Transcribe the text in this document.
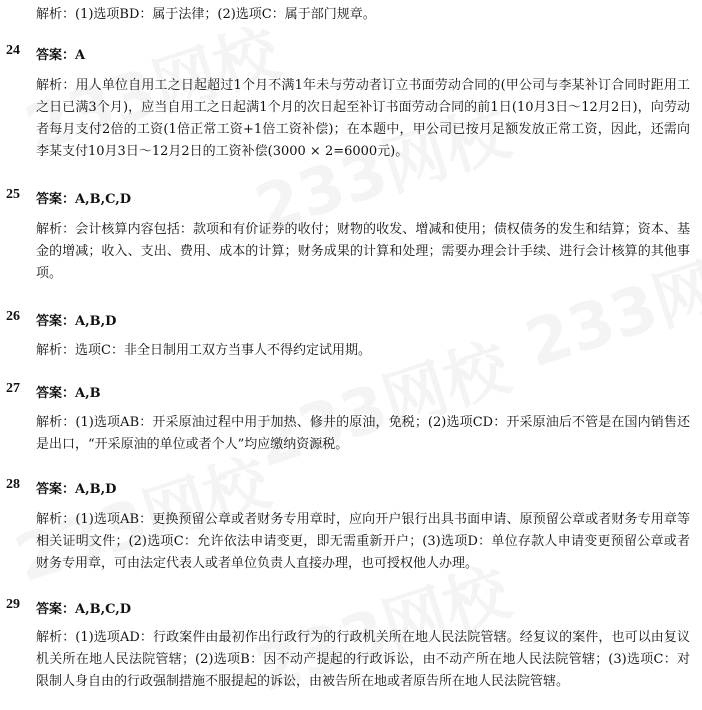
解析：(1)选项BD：属于法律；(2)选项C：属于部门规章。
24 答案：A
解析：用人单位自用工之日起超过1个月不满1年未与劳动者订立书面劳动合同的(甲公司与李某补订合同时距用工之日已满3个月)，应当自用工之日起满1个月的次日起至补订书面劳动合同的前1日(10月3日～12月2日)，向劳动者每月支付2倍的工资(1倍正常工资+1倍工资补偿)；在本题中，甲公司已按月足额发放正常工资，因此，还需向李某支付10月3日～12月2日的工资补偿(3000 × 2=6000元)。
25 答案：A,B,C,D
解析：会计核算内容包括：款项和有价证券的收付；财物的收发、增减和使用；债权债务的发生和结算；资本、基金的增减；收入、支出、费用、成本的计算；财务成果的计算和处理；需要办理会计手续、进行会计核算的其他事项。
26 答案：A,B,D
解析：选项C：非全日制用工双方当事人不得约定试用期。
27 答案：A,B
解析：(1)选项AB：开采原油过程中用于加热、修井的原油，免税；(2)选项CD：开采原油后不管是在国内销售还是出口，“开采原油的单位或者个人”均应缴纳资源税。
28 答案：A,B,D
解析：(1)选项AB：更换预留公章或者财务专用章时，应向开户银行出具书面申请、原预留公章或者财务专用章等相关证明文件；(2)选项C：允许依法申请变更，即无需重新开户；(3)选项D：单位存款人申请变更预留公章或者财务专用章，可由法定代表人或者单位负责人直接办理，也可授权他人办理。
29 答案：A,B,C,D
解析：(1)选项AD：行政案件由最初作出行政行为的行政机关所在地人民法院管辖。经复议的案件，也可以由复议机关所在地人民法院管辖；(2)选项B：因不动产提起的行政诉讼，由不动产所在地人民法院管辖；(3)选项C：对限制人身自由的行政强制措施不服提起的诉讼，由被告所在地或者原告所在地人民法院管辖。
